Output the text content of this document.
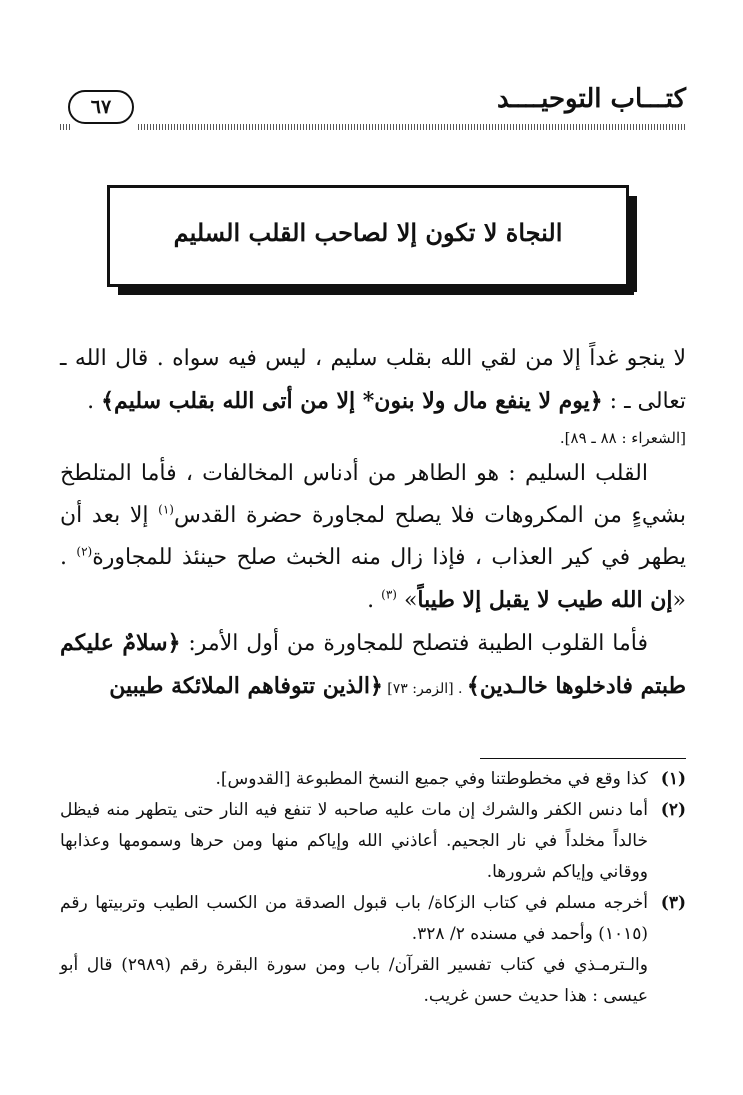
كتـــاب التوحيــــد
٦٧
النجاة لا تكون إلا لصاحب القلب السليم

لا ينجو غداً إلا من لقي الله بقلب سليم ، ليس فيه سواه . قال الله ـ تعالى ـ : ﴿يوم لا ينفع مال ولا بنون* إلا من أتى الله بقلب سليم﴾ .

[الشعراء : ٨٨ ـ ٨٩].

القلب السليم : هو الطاهر من أدناس المخالفات ، فأما المتلطخ بشيءٍ من المكروهات فلا يصلح لمجاورة حضرة القدس$^{(١)}$ إلا بعد أن يطهر في كير العذاب ، فإذا زال منه الخبث صلح حينئذ للمجاورة$^{(٢)}$ . «إن الله طيب لا يقبل إلا طيباً» $^{(٣)}$ .

فأما القلوب الطيبة فتصلح للمجاورة من أول الأمر: ﴿سلامٌ عليكم طبتم فادخلوها خالـدين﴾ . [الزمر: ٧٣] ﴿الذين تتوفاهم الملائكة طيبين

(١)
كذا وقع في مخطوطتنا وفي جميع النسخ المطبوعة [القدوس].
(٢)
أما دنس الكفر والشرك إن مات عليه صاحبه لا تنفع فيه النار حتى يتطهر منه فيظل خالداً مخلداً في نار الجحيم. أعاذني الله وإياكم منها ومن حرها وسمومها وعذابها ووقاني وإياكم شرورها.
(٣)
أخرجه مسلم في كتاب الزكاة/ باب قبول الصدقة من الكسب الطيب وتربيتها رقم (١٠١٥) وأحمد في مسنده ٢/ ٣٢٨.
والـترمـذي في كتاب تفسير القرآن/ باب ومن سورة البقرة رقم (٢٩٨٩) قال أبو عيسى : هذا حديث حسن غريب.
